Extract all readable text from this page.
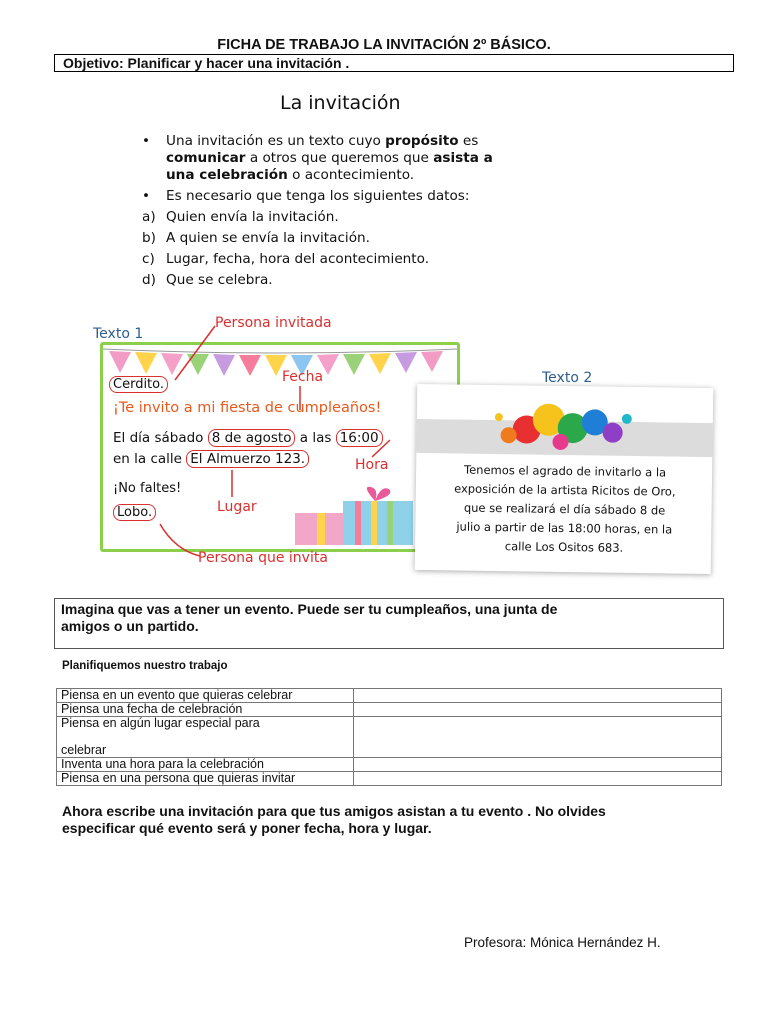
FICHA DE TRABAJO LA INVITACIÓN 2º BÁSICO.
Objetivo: Planificar y hacer una invitación .
La invitación
•	Una invitación es un texto cuyo propósito es
comunicar a otros que queremos que asista a
una celebración o acontecimiento.
•	Es necesario que tenga los siguientes datos:
a) Quien envía la invitación.
b) A quien se envía la invitación.
c) Lugar, fecha, hora del acontecimiento.
d) Que se celebra.
Texto 1
Persona invitada
Cerdito.
¡Te invito a mi fiesta de cumpleaños!
El día sábado 8 de agosto a las 16:00
en la calle El Almuerzo 123.
¡No faltes!
Lobo.
Fecha
Hora
Lugar
Persona que invita
Texto 2
Tenemos el agrado de invitarlo a la
exposición de la artista Ricitos de Oro,
que se realizará el día sábado 8 de
julio a partir de las 18:00 horas, en la
calle Los Ositos 683.
Imagina que vas a tener un evento. Puede ser tu cumpleaños, una junta de
amigos o un partido.
Planifiquemos nuestro trabajo
Piensa en un evento que quieras celebrar	
Piensa una fecha de celebración	

Piensa en algún lugar especial para
celebrar	

Inventa una hora para la celebración	
Piensa en una persona que quieras invitar	
Ahora escribe una invitación para que tus amigos asistan a tu evento . No olvides
especificar qué evento será y poner fecha, hora y lugar.
Profesora: Mónica Hernández H.
